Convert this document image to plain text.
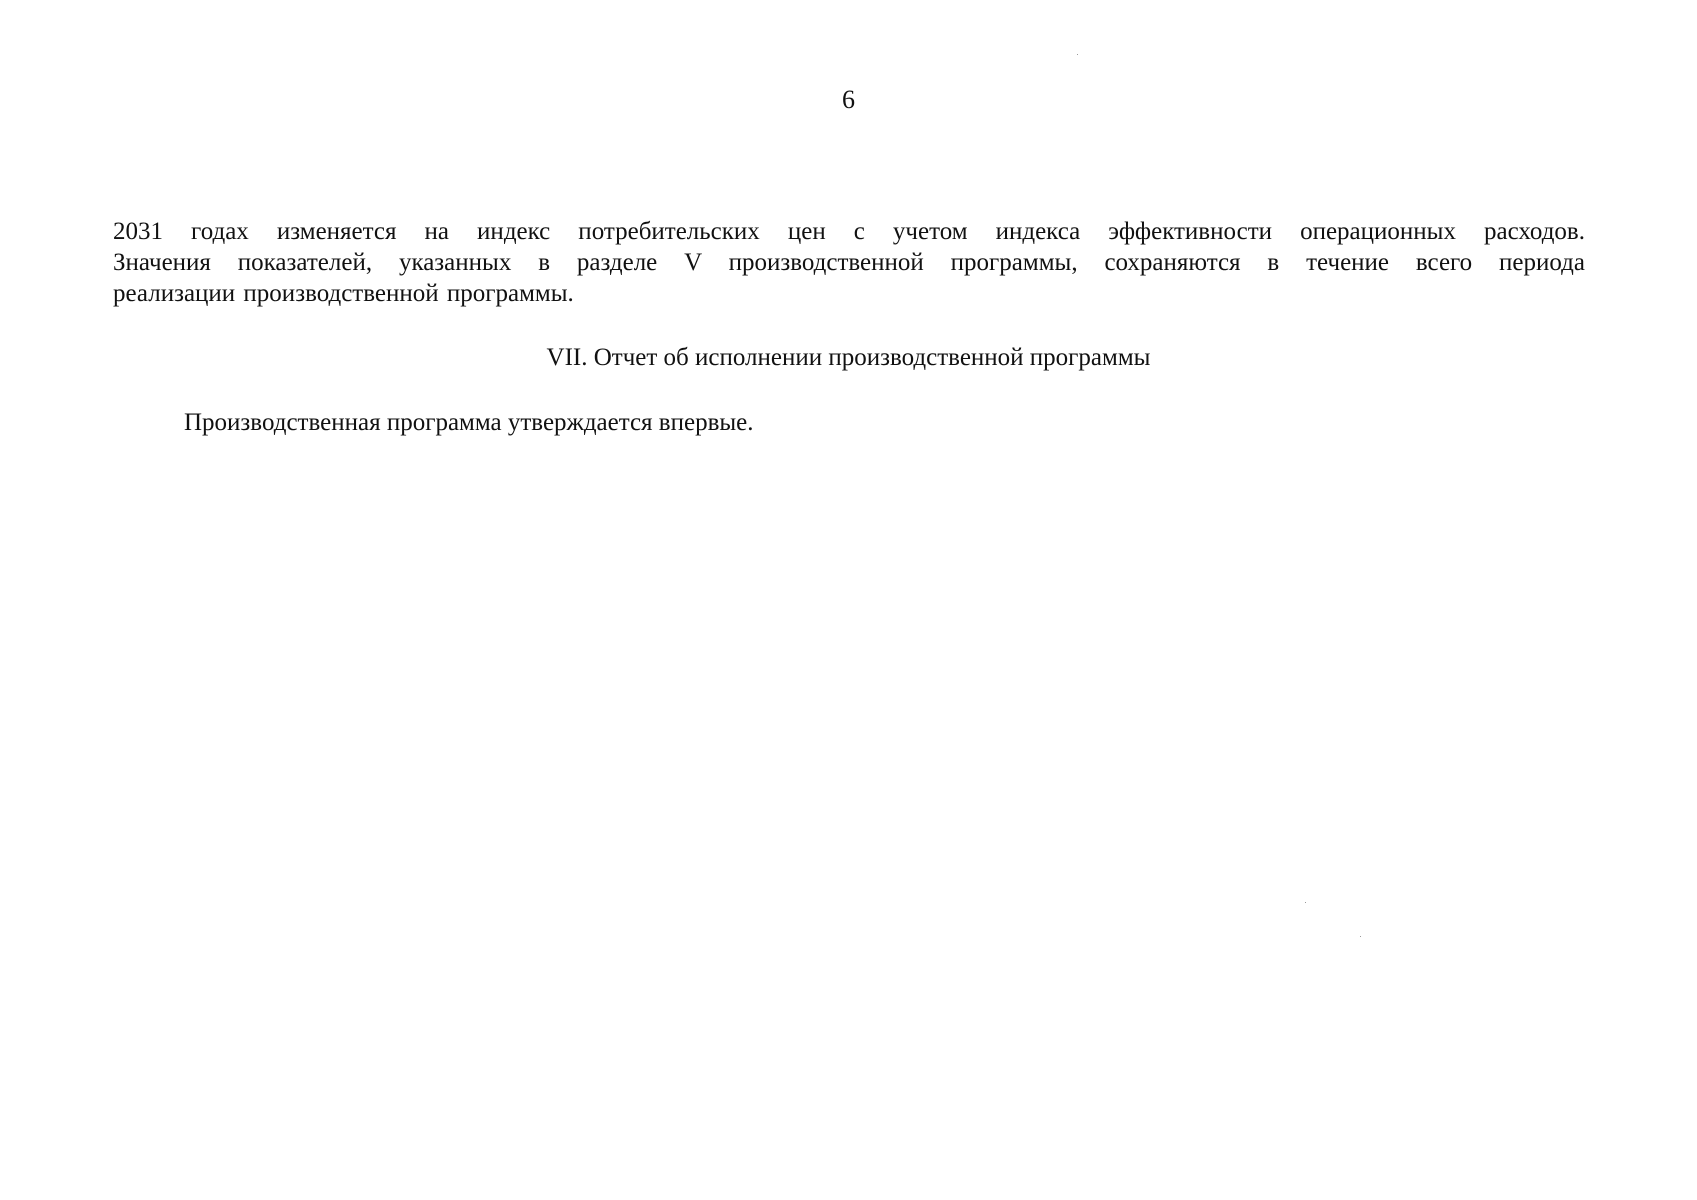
6
2031 годах изменяется на индекс потребительских цен с учетом индекса эффективности операционных расходов.
Значения показателей, указанных в разделе V производственной программы, сохраняются в течение всего периода
реализации производственной программы.
VII. Отчет об исполнении производственной программы
Производственная программа утверждается впервые.
